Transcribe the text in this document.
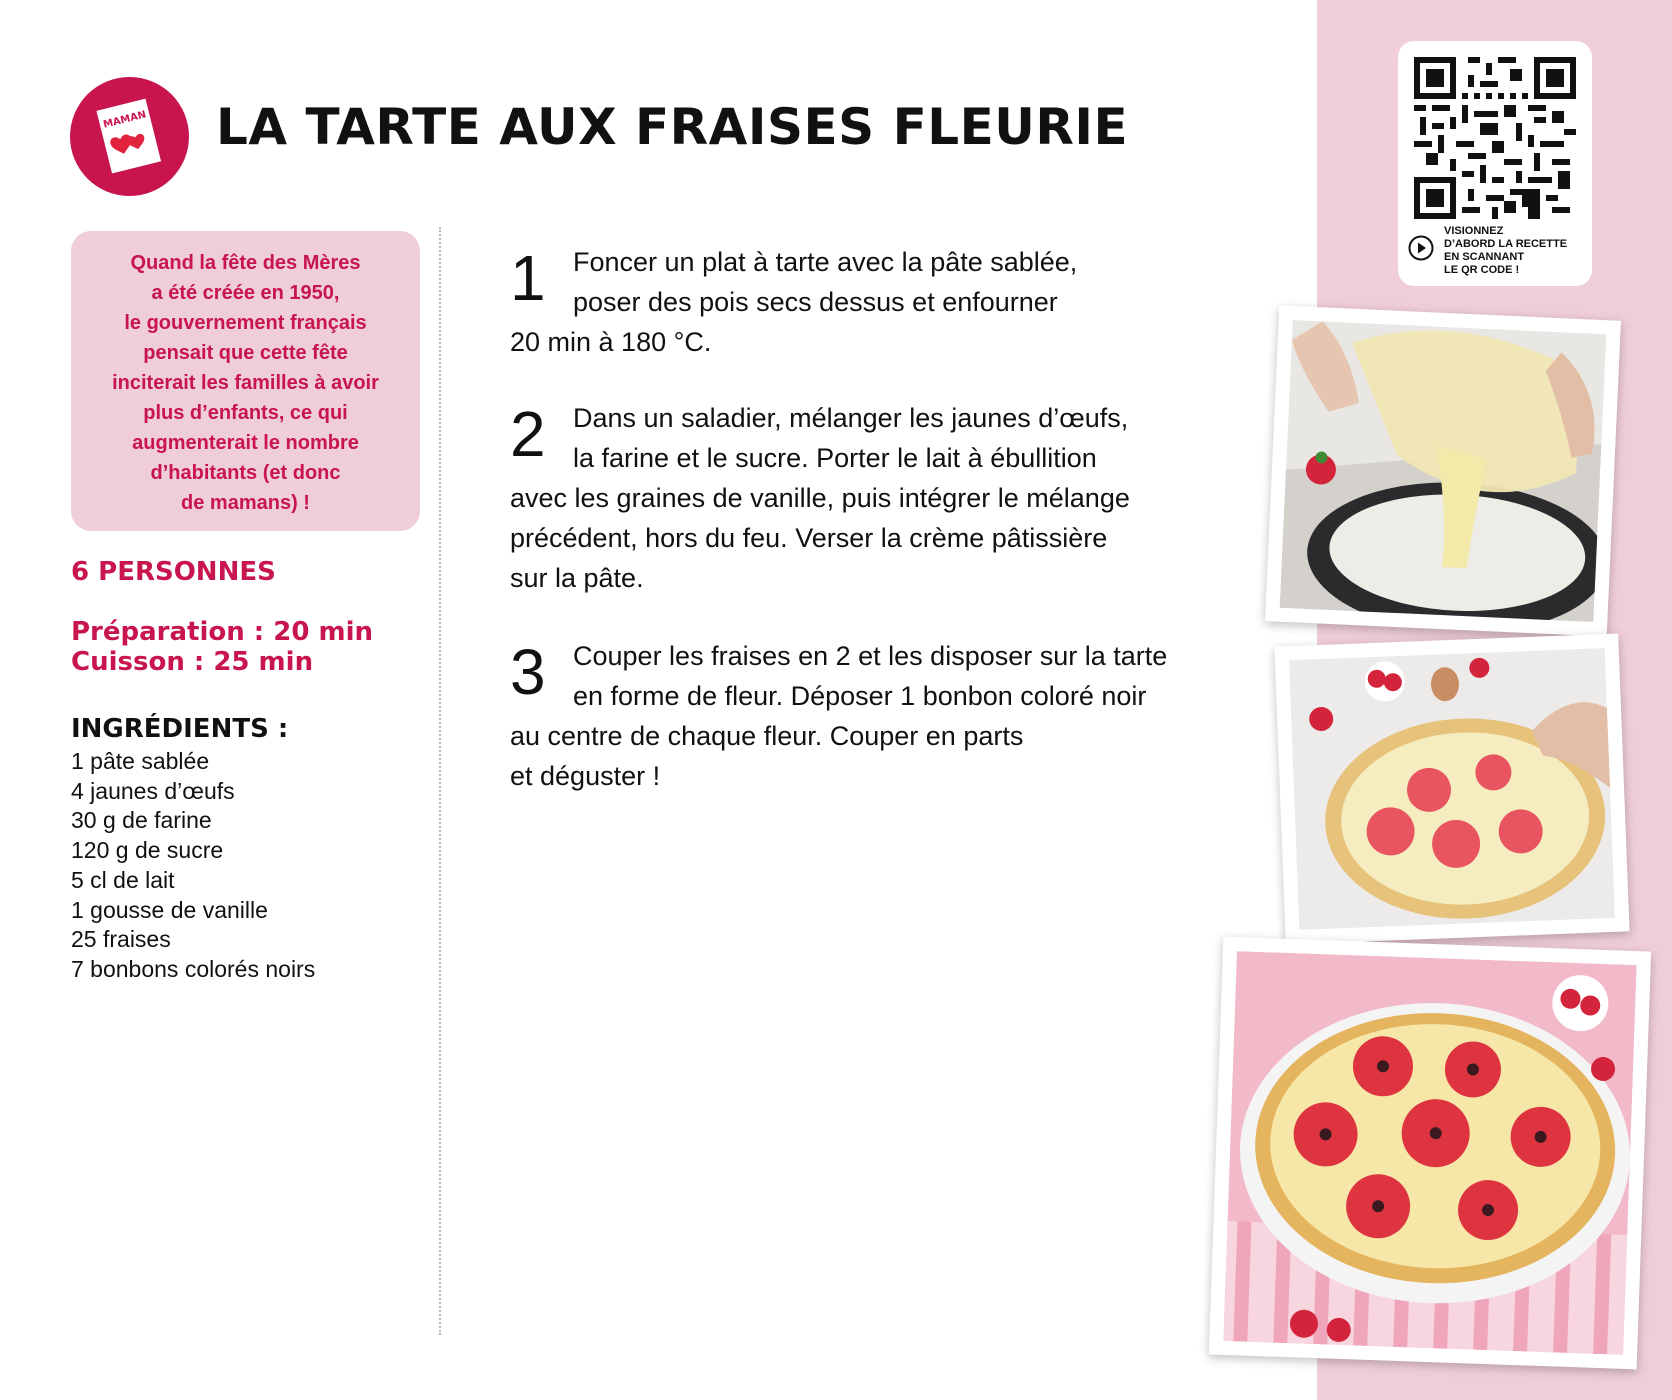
MAMAN LA TARTE AUX FRAISES FLEURIE
Quand la fête des Mères
a été créée en 1950,
le gouvernement français
pensait que cette fête
inciterait les familles à avoir
plus d’enfants, ce qui
augmenterait le nombre
d’habitants (et donc
de mamans) !
6 PERSONNES
Préparation : 20 min
Cuisson : 25 min
INGRÉDIENTS :
1 pâte sablée
4 jaunes d’œufs
30 g de farine
120 g de sucre
5 cl de lait
1 gousse de vanille
25 fraises
7 bonbons colorés noirs
1	Foncer un plat à tarte avec la pâte sablée,
poser des pois secs dessus et enfourner
20 min à 180 °C.
2	Dans un saladier, mélanger les jaunes d’œufs,
la farine et le sucre. Porter le lait à ébullition
avec les graines de vanille, puis intégrer le mélange
précédent, hors du feu. Verser la crème pâtissière
sur la pâte.
3	Couper les fraises en 2 et les disposer sur la tarte
en forme de fleur. Déposer 1 bonbon coloré noir
au centre de chaque fleur. Couper en parts
et déguster !
VISIONNEZ
D’ABORD LA RECETTE
EN SCANNANT
LE QR CODE !
